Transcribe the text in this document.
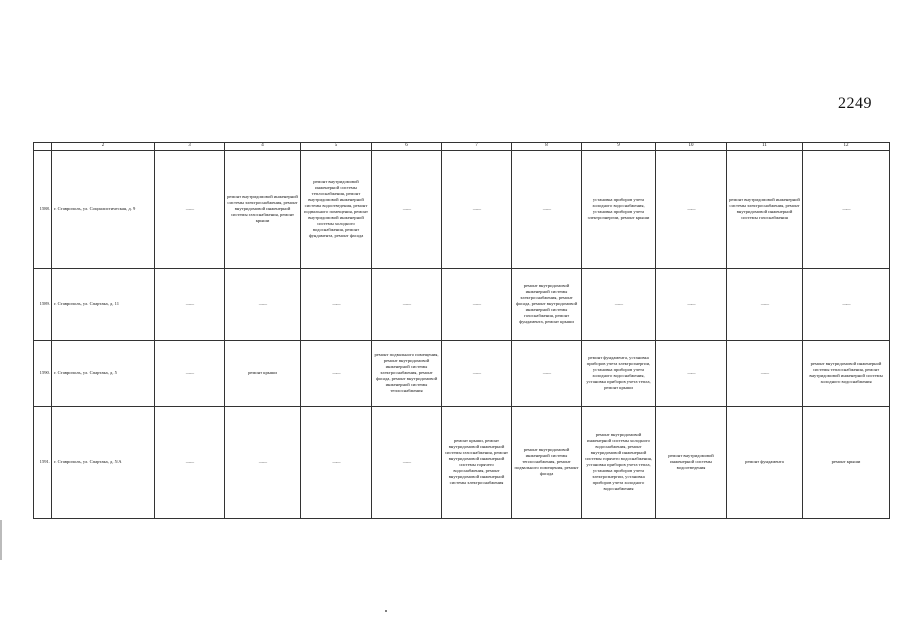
2249
	2	3	4	5	6	7	8	9	10	11	12
1588.	г. Ставрополь, ул. Социалистическая, д. 9	——	ремонт внутридомовой инженерной системы электроснабжения, ремонт внутридомовой инженерной системы газоснабжения, ремонт крыши	ремонт внутридомовой инженерной системы теплоснабжения, ремонт внутридомовой инженерной системы водоотведения, ремонт подвального помещения, ремонт внутридомовой инженерной системы холодного водоснабжения, ремонт фундамента, ремонт фасада	——	——	——	установка приборов учета холодного водоснабжения, установка приборов учета электроэнергии, ремонт крыши	——	ремонт внутридомовой инженерной системы электроснабжения, ремонт внутридомовой инженерной системы газоснабжения	——
1589.	г. Ставрополь, ул. Спартака, д. 11	——	——	——	——	——	ремонт внутридомовой инженерной системы электроснабжения, ремонт фасада, ремонт внутридомовой инженерной системы газоснабжения, ремонт фундамента, ремонт крыши	——	——	——	——
1590.	г. Ставрополь, ул. Спартака, д. 5	——	ремонт крыши	——	ремонт подвального помещения, ремонт внутридомовой инженерной системы электроснабжения, ремонт фасада, ремонт внутридомовой инженерной системы теплоснабжения	——	——	ремонт фундамента, установка приборов учета электроэнергии, установка приборов учета холодного водоснабжения, установка приборов учета тепла, ремонт крыши	——	——	ремонт внутридомовой инженерной системы теплоснабжения, ремонт внутридомовой инженерной системы холодного водоснабжения
1591.	г. Ставрополь, ул. Спартака, д. 5/А	——	——	——	——	ремонт крыши, ремонт внутридомовой инженерной системы газоснабжения, ремонт внутридомовой инженерной системы горячего водоснабжения, ремонт внутридомовой инженерной системы электроснабжения	ремонт внутридомовой инженерной системы теплоснабжения, ремонт подвального помещения, ремонт фасада	ремонт внутридомовой инженерной системы холодного водоснабжения, ремонт внутридомовой инженерной системы горячего водоснабжения, установка приборов учета тепла, установка приборов учета электроэнергии, установка приборов учета холодного водоснабжения	ремонт внутридомовой инженерной системы водоотведения	ремонт фундамента	ремонт крыши
